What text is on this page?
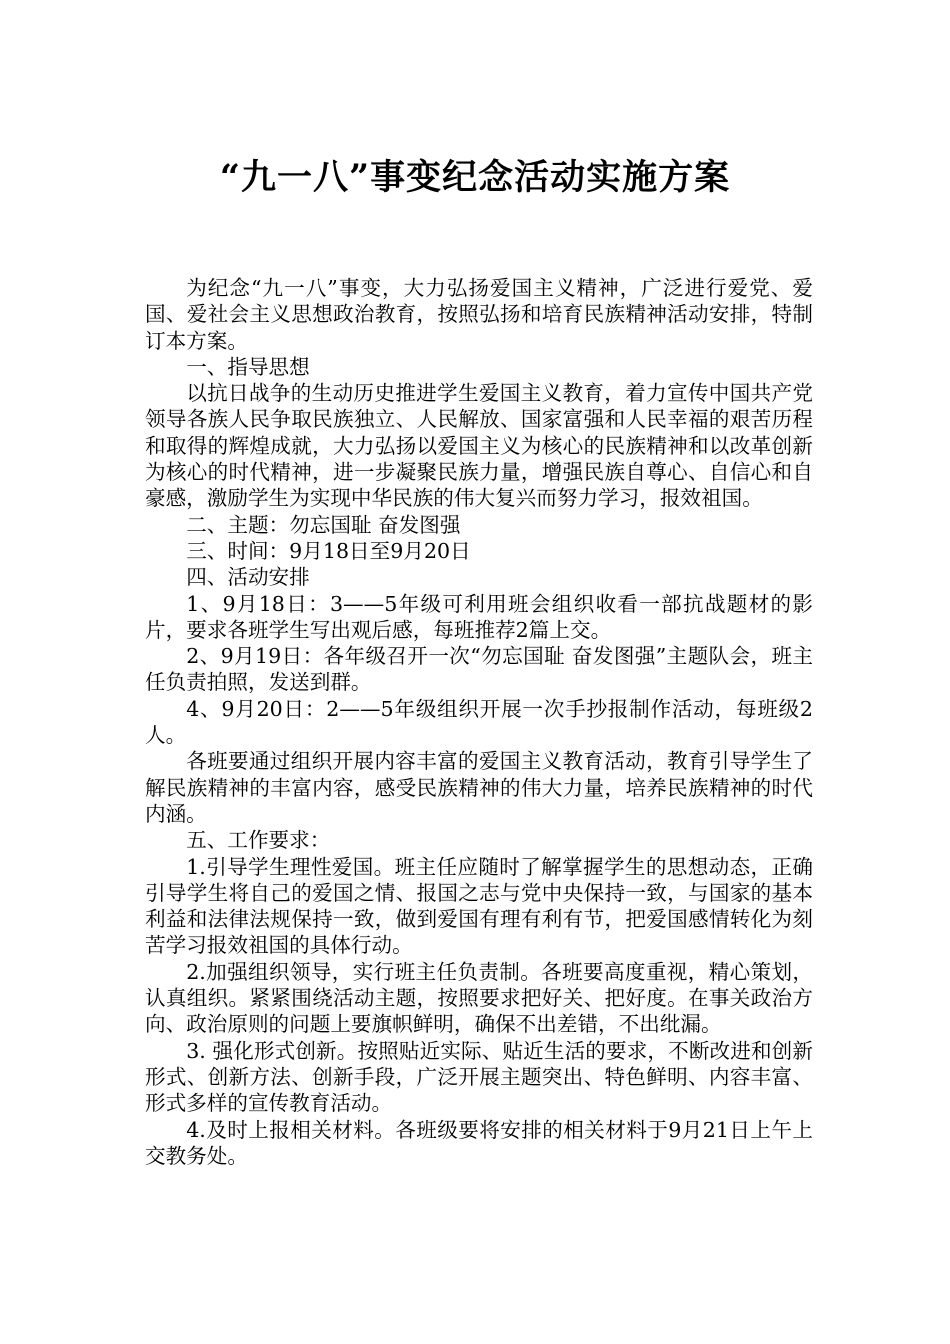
“九一八”事变纪念活动实施方案

为纪念“九一八”事变，大力弘扬爱国主义精神，广泛进行爱党、爱国、爱社会主义思想政治教育，按照弘扬和培育民族精神活动安排，特制订本方案。

一、指导思想

以抗日战争的生动历史推进学生爱国主义教育，着力宣传中国共产党领导各族人民争取民族独立、人民解放、国家富强和人民幸福的艰苦历程和取得的辉煌成就，大力弘扬以爱国主义为核心的民族精神和以改革创新为核心的时代精神，进一步凝聚民族力量，增强民族自尊心、自信心和自豪感，激励学生为实现中华民族的伟大复兴而努力学习，报效祖国。

二、主题：勿忘国耻 奋发图强

三、时间：9月18日至9月20日

四、活动安排

1、9月18日：3——5年级可利用班会组织收看一部抗战题材的影片，要求各班学生写出观后感，每班推荐2篇上交。

2、9月19日：各年级召开一次“勿忘国耻 奋发图强”主题队会，班主任负责拍照，发送到群。

4、9月20日：2——5年级组织开展一次手抄报制作活动，每班级2人。

各班要通过组织开展内容丰富的爱国主义教育活动，教育引导学生了解民族精神的丰富内容，感受民族精神的伟大力量，培养民族精神的时代内涵。

五、工作要求：

1.引导学生理性爱国。班主任应随时了解掌握学生的思想动态，正确引导学生将自己的爱国之情、报国之志与党中央保持一致，与国家的基本利益和法律法规保持一致，做到爱国有理有利有节，把爱国感情转化为刻苦学习报效祖国的具体行动。

2.加强组织领导，实行班主任负责制。各班要高度重视，精心策划，认真组织。紧紧围绕活动主题，按照要求把好关、把好度。在事关政治方向、政治原则的问题上要旗帜鲜明，确保不出差错，不出纰漏。

3. 强化形式创新。按照贴近实际、贴近生活的要求，不断改进和创新形式、创新方法、创新手段，广泛开展主题突出、特色鲜明、内容丰富、形式多样的宣传教育活动。

4.及时上报相关材料。各班级要将安排的相关材料于9月21日上午上交教务处。
